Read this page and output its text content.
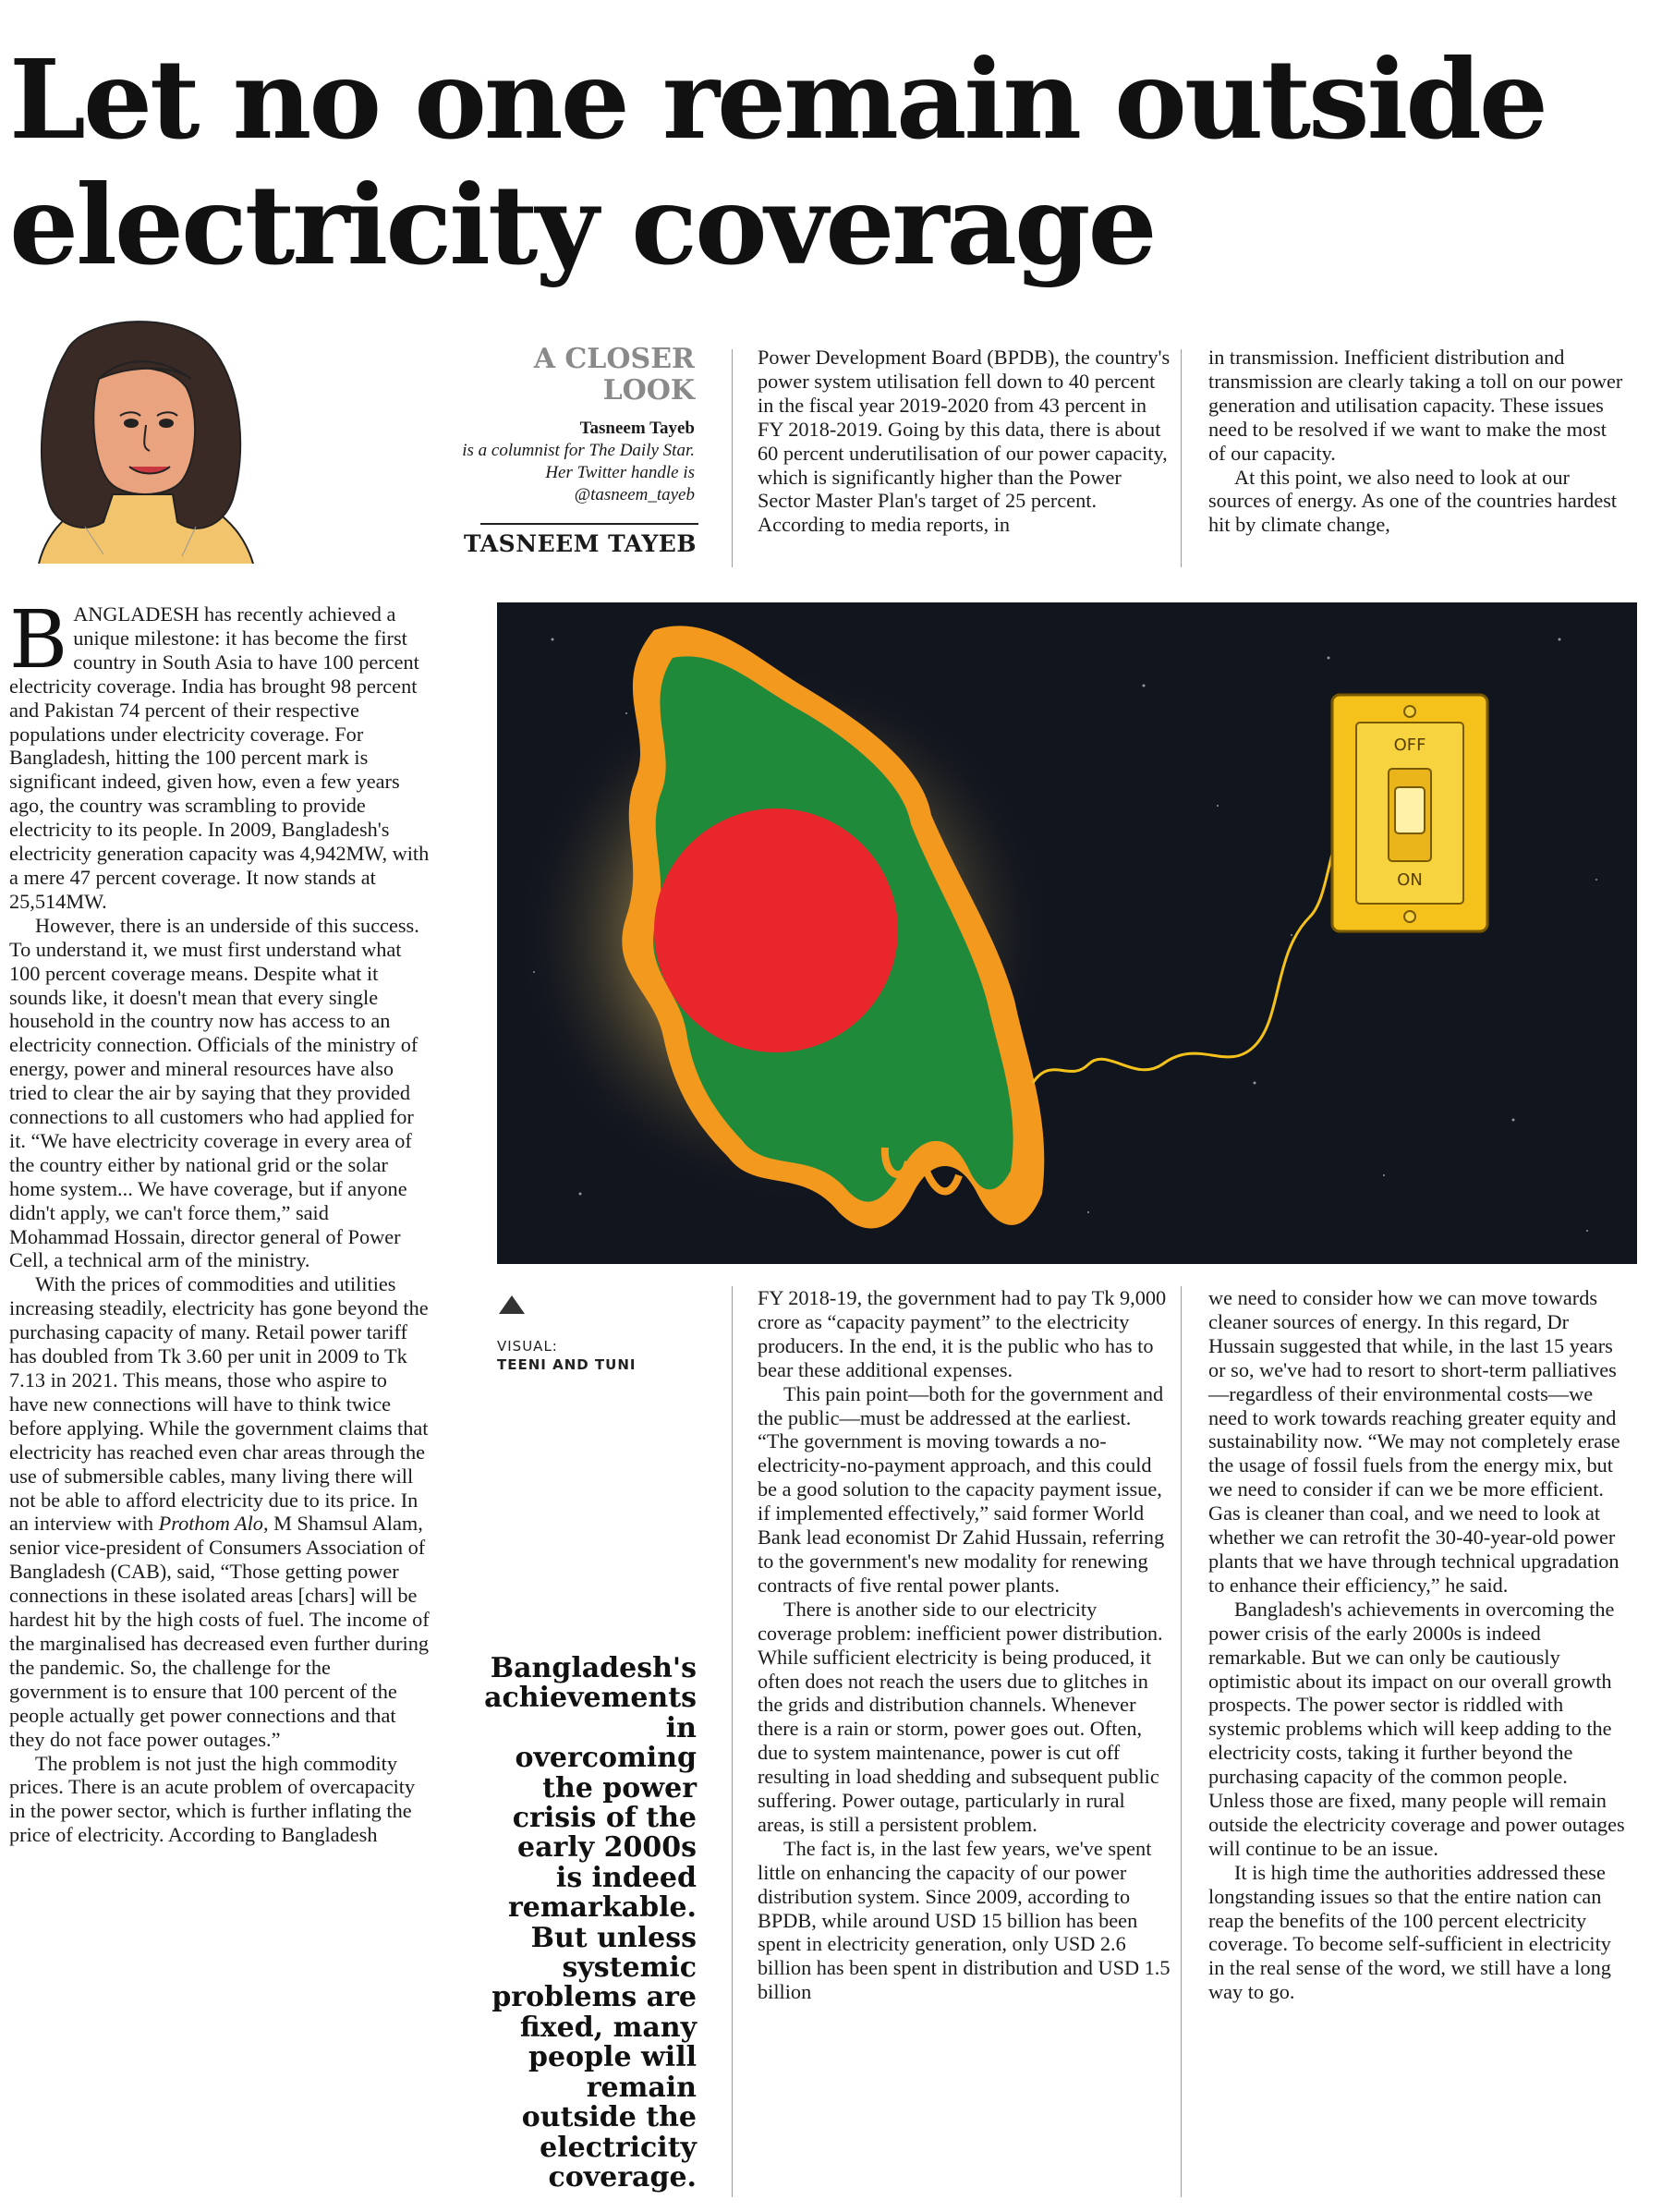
Let no one remain outside electricity coverage
A CLOSER LOOK

Tasneem Tayeb

is a columnist for The Daily Star. Her Twitter handle is @tasneem_tayeb

TASNEEM TAYEB

BANGLADESH has recently achieved a unique milestone: it has become the first country in South Asia to have 100 percent electricity coverage. India has brought 98 percent and Pakistan 74 percent of their respective populations under electricity coverage. For Bangladesh, hitting the 100 percent mark is significant indeed, given how, even a few years ago, the country was scrambling to provide electricity to its people. In 2009, Bangladesh's electricity generation capacity was 4,942MW, with a mere 47 percent coverage. It now stands at 25,514MW.

However, there is an underside of this success. To understand it, we must first understand what 100 percent coverage means. Despite what it sounds like, it doesn't mean that every single household in the country now has access to an electricity connection. Officials of the ministry of energy, power and mineral resources have also tried to clear the air by saying that they provided connections to all customers who had applied for it. “We have electricity coverage in every area of the country either by national grid or the solar home system... We have coverage, but if anyone didn't apply, we can't force them,” said Mohammad Hossain, director general of Power Cell, a technical arm of the ministry.

With the prices of commodities and utilities increasing steadily, electricity has gone beyond the purchasing capacity of many. Retail power tariff has doubled from Tk 3.60 per unit in 2009 to Tk 7.13 in 2021. This means, those who aspire to have new connections will have to think twice before applying. While the government claims that electricity has reached even char areas through the use of submersible cables, many living there will not be able to afford electricity due to its price. In an interview with Prothom Alo, M Shamsul Alam, senior vice-president of Consumers Association of Bangladesh (CAB), said, “Those getting power connections in these isolated areas [chars] will be hardest hit by the high costs of fuel. The income of the marginalised has decreased even further during the pandemic. So, the challenge for the government is to ensure that 100 percent of the people actually get power connections and that they do not face power outages.”

The problem is not just the high commodity prices. There is an acute problem of overcapacity in the power sector, which is further inflating the price of electricity. According to Bangladesh

Power Development Board (BPDB), the country's power system utilisation fell down to 40 percent in the fiscal year 2019-2020 from 43 percent in FY 2018-2019. Going by this data, there is about 60 percent underutilisation of our power capacity, which is significantly higher than the Power Sector Master Plan's target of 25 percent. According to media reports, in

in transmission. Inefficient distribution and transmission are clearly taking a toll on our power generation and utilisation capacity. These issues need to be resolved if we want to make the most of our capacity.

At this point, we also need to look at our sources of energy. As one of the countries hardest hit by climate change,

OFF
ON
VISUAL:
TEENI AND TUNI
Bangladesh's achievements in overcoming the power crisis of the early 2000s is indeed remarkable. But unless systemic problems are fixed, many people will remain outside the electricity coverage.

FY 2018-19, the government had to pay Tk 9,000 crore as “capacity payment” to the electricity producers. In the end, it is the public who has to bear these additional expenses.

This pain point—both for the government and the public—must be addressed at the earliest. “The government is moving towards a no-electricity-no-payment approach, and this could be a good solution to the capacity payment issue, if implemented effectively,” said former World Bank lead economist Dr Zahid Hussain, referring to the government's new modality for renewing contracts of five rental power plants.

There is another side to our electricity coverage problem: inefficient power distribution. While sufficient electricity is being produced, it often does not reach the users due to glitches in the grids and distribution channels. Whenever there is a rain or storm, power goes out. Often, due to system maintenance, power is cut off resulting in load shedding and subsequent public suffering. Power outage, particularly in rural areas, is still a persistent problem.

The fact is, in the last few years, we've spent little on enhancing the capacity of our power distribution system. Since 2009, according to BPDB, while around USD 15 billion has been spent in electricity generation, only USD 2.6 billion has been spent in distribution and USD 1.5 billion

we need to consider how we can move towards cleaner sources of energy. In this regard, Dr Hussain suggested that while, in the last 15 years or so, we've had to resort to short-term palliatives—regardless of their environmental costs—we need to work towards reaching greater equity and sustainability now. “We may not completely erase the usage of fossil fuels from the energy mix, but we need to consider if can we be more efficient. Gas is cleaner than coal, and we need to look at whether we can retrofit the 30-40-year-old power plants that we have through technical upgradation to enhance their efficiency,” he said.

Bangladesh's achievements in overcoming the power crisis of the early 2000s is indeed remarkable. But we can only be cautiously optimistic about its impact on our overall growth prospects. The power sector is riddled with systemic problems which will keep adding to the electricity costs, taking it further beyond the purchasing capacity of the common people. Unless those are fixed, many people will remain outside the electricity coverage and power outages will continue to be an issue.

It is high time the authorities addressed these longstanding issues so that the entire nation can reap the benefits of the 100 percent electricity coverage. To become self-sufficient in electricity in the real sense of the word, we still have a long way to go.
